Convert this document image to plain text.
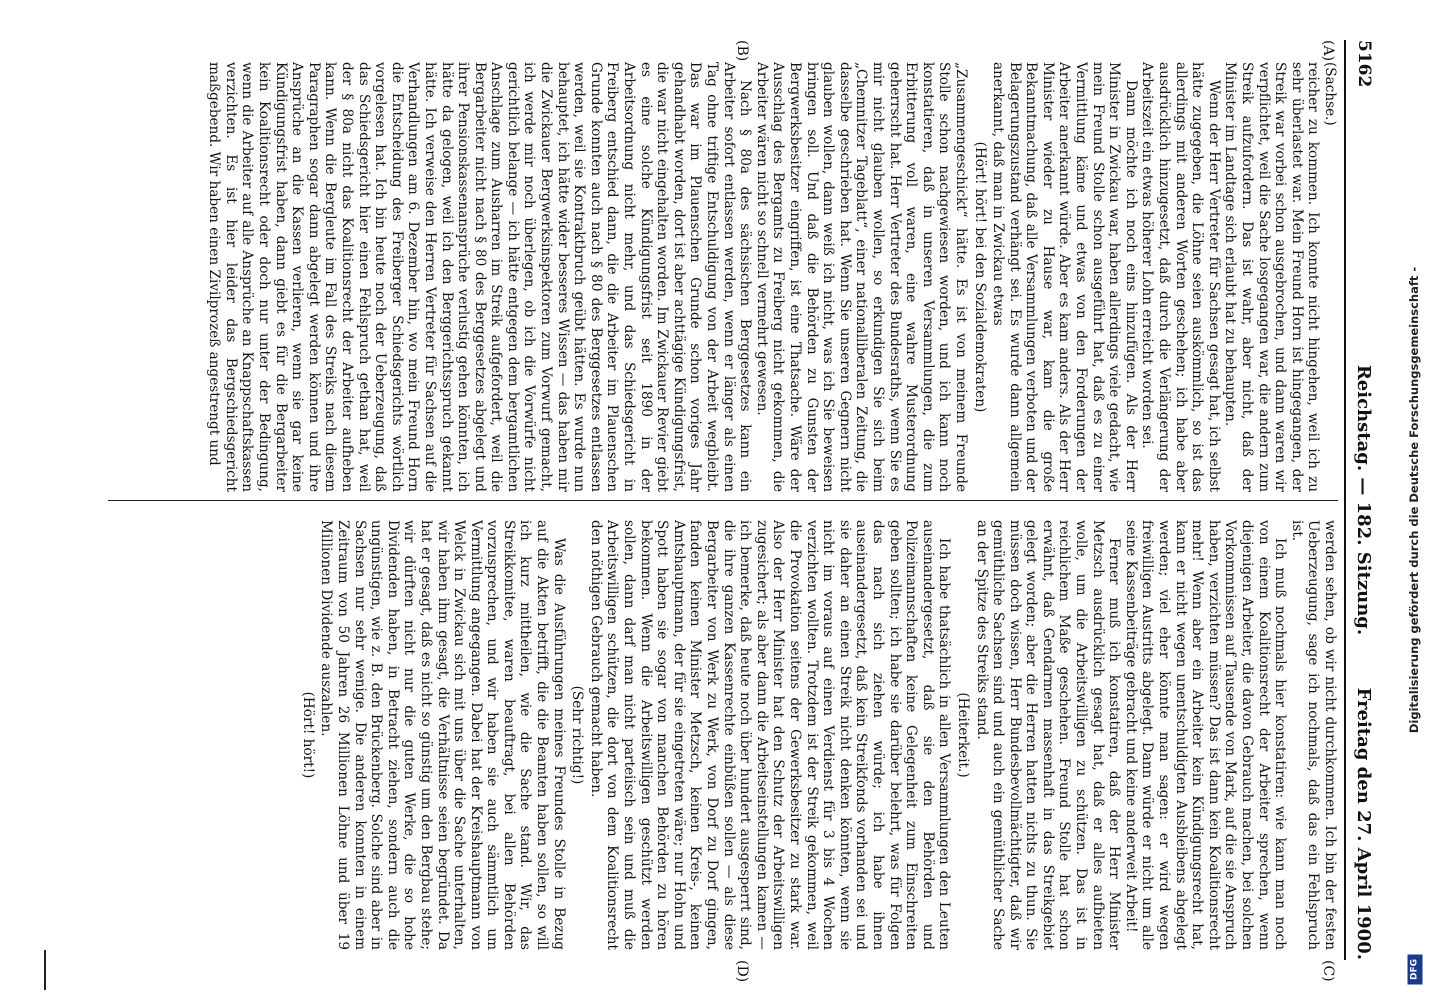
5162
Reichstag. — 182. Sitzung.
Freitag den 27. April 1900.
(A)
(B)
(C)
(D)

(Sachse.)

reicher zu kommen. Ich konnte nicht hingehen, weil ich zu sehr überlastet war. Mein Freund Horn ist hingegangen, der Streik war vorbei schon ausgebrochen, und dann waren wir verpflichtet, weil die Sache losgegangen war, die andern zum Streik aufzufordern. Das ist wahr, aber nicht, daß der Minister im Landtage sich erlaubt hat zu behaupten.

Wenn der Herr Vertreter für Sachsen gesagt hat, ich selbst hätte zugegeben, die Löhne seien auskömmlich, so ist das allerdings mit anderen Worten geschehen; ich habe aber ausdrücklich hinzugesetzt, daß durch die Verlängerung der Arbeitszeit ein etwas höherer Lohn erreicht worden sei.

Dann möchte ich noch eins hinzufügen. Als der Herr Minister in Zwickau war, haben allerdings viele gedacht, wie mein Freund Stolle schon ausgeführt hat, daß es zu einer Vermittlung käme und etwas von den Forderungen der Arbeiter anerkannt würde. Aber es kam anders. Als der Herr Minister wieder zu Hause war, kam die große Bekanntmachung, daß alle Versammlungen verboten und der Belagerungszustand verhängt sei. Es wurde dann allgemein anerkannt, daß man in Zwickau etwas

(Hört! hört! bei den Sozialdemokraten)

„Zusammengeschickt“ hätte. Es ist von meinem Freunde Stolle schon nachgewiesen worden, und ich kann noch konstatieren, daß in unseren Versammlungen, die zum Erbitterung voll waren, eine wahre Musterordnung geherrscht hat. Herr Vertreter des Bundesraths, wenn Sie es mir nicht glauben wollen, so erkundigen Sie sich beim „Chemnitzer Tageblatt“, einer nationalliberalen Zeitung, die dasselbe geschrieben hat. Wenn Sie unseren Gegnern nicht glauben wollen, dann weiß ich nicht, was ich Sie beweisen bringen soll. Und daß die Behörden zu Gunsten der Bergwerksbesitzer eingriffen, ist eine Thatsache. Wäre der Ausschlag des Bergamts zu Freiberg nicht gekommen, die Arbeiter wären nicht so schnell vermehrt gewesen.

Nach § 80a des sächsischen Berggesetzes kann ein Arbeiter sofort entlassen werden, wenn er länger als einen Tag ohne triftige Entschuldigung von der Arbeit wegbleibt. Das war im Plauenschen Grunde schon voriges Jahr gehandhabt worden, dort ist aber achttägige Kündigungsfrist, die war nicht eingehalten worden. Im Zwickauer Revier giebt es eine solche Kündigungsfrist seit 1890 in der Arbeitsordnung nicht mehr, und das Schiedsgericht in Freiberg entschied dann, die die Arbeiter im Plauenschen Grunde konnten auch nach § 80 des Berggesetzes entlassen werden, weil sie Kontraktbruch geübt hätten. Es wurde nun behauptet, ich hätte wider besseres Wissen — das haben mir die Zwickauer Bergwerksinspektoren zum Vorwurf gemacht, ich werde mir noch überlegen, ob ich die Vorwürfe nicht gerichtlich belange — ich hätte entgegen dem bergamtlichen Anschlage zum Ausharren im Streik aufgefordert, weil die Bergarbeiter nicht nach § 80 des Berggesetzes abgelegt und ihrer Pensionskassenansprüche verlustig gehen könnten, ich hätte da gelogen, weil ich den Berggerichtsspruch gekannt hätte. Ich verweise den Herren Vertreter für Sachsen auf die Verhandlungen am 6. Dezember hin, wo mein Freund Horn die Entscheidung des Freiberger Schiedsgerichts wörtlich vorgelesen hat. Ich bin heute noch der Ueberzeugung, daß das Schiedsgericht hier einen Fehlspruch gethan hat, weil der § 80a nicht das Koalitionsrecht der Arbeiter aufheben kann. Wenn die Bergleute im Fall des Streiks nach diesem Paragraphen sogar dann abgelegt werden können und ihre Ansprüche an die Kassen verlieren, wenn sie gar keine Kündigungsfrist haben, dann giebt es für die Bergarbeiter kein Koalitionsrecht oder doch nur unter der Bedingung, wenn die Arbeiter auf alle Ansprüche an Knappschaftskassen verzichten. Es ist hier leider das Bergschiedsgericht maßgebend. Wir haben einen Zivilprozeß angestrengt und

werden sehen, ob wir nicht durchkommen. Ich bin der festen Ueberzeugung, sage ich nochmals, daß das ein Fehlspruch ist.

Ich muß nochmals hier konstatiren: wie kann man noch von einem Koalitionsrecht der Arbeiter sprechen, wenn diejenigen Arbeiter, die davon Gebrauch machen, bei solchen Vorkommnissen auf Tausende von Mark, auf die sie Anspruch haben, verzichten müssen? Das ist dann kein Koalitionsrecht mehr! Wenn aber ein Arbeiter kein Kündigungsrecht hat, kann er nicht wegen unentschuldigten Ausbleibens abgelegt werden; viel eher könnte man sagen: er wird wegen freiwilligen Austritts abgelegt. Dann würde er nicht um alle seine Kassenbeiträge gebracht und keine anderweit Arbeit!

Ferner muß ich konstatiren, daß der Herr Minister Metzsch ausdrücklich gesagt hat, daß er alles aufbieten wolle, um die Arbeitswilligen zu schützen. Das ist in reichlichem Maße geschehen. Freund Stolle hat schon erwähnt, daß Gendarmen massenhaft in das Streikgebiet gelegt worden; aber die Herren hatten nichts zu thun. Sie müssen doch wissen, Herr Bundesbevollmächtigter, daß wir gemüthliche Sachsen sind und auch ein gemüthlicher Sache an der Spitze des Streiks stand.

(Heiterkeit.)

Ich habe thatsächlich in allen Versammlungen den Leuten auseinandergesetzt, daß sie den Behörden und Polizeimannschaften keine Gelegenheit zum Einschreiten geben sollten; ich habe sie darüber belehrt, was für Folgen das nach sich ziehen würde; ich habe ihnen auseinandergesetzt, daß kein Streikfonds vorhanden sei und sie daher an einen Streik nicht denken könnten, wenn sie nicht im voraus auf einen Verdienst für 3 bis 4 Wochen verzichten wollten. Trotzdem ist der Streik gekommen, weil die Provokation seitens der Gewerksbesitzer zu stark war. Also der Herr Minister hat den Schutz der Arbeitswilligen zugesichert; als aber dann die Arbeitseinstellungen kamen — ich bemerke, daß heute noch über hundert ausgesperrt sind, die ihre ganzen Kassenrechte einbüßen sollen — als diese Bergarbeiter von Werk zu Werk, von Dorf zu Dorf gingen, fanden keinen Minister Metzsch, keinen Kreis-, keinen Amtshauptmann, der für sie eingetreten wäre; nur Hohn und Spott haben sie sogar von manchen Behörden zu hören bekommen. Wenn die Arbeitswilligen geschützt werden sollen, dann darf man nicht parteiisch sein und muß die Arbeitswilligen schützen, die dort von dem Koalitionsrecht den nöthigen Gebrauch gemacht haben.

(Sehr richtig!)

Was die Ausführungen meines Freundes Stolle in Bezug auf die Akten betrifft, die die Beamten haben sollen, so will ich kurz mittheilen, wie die Sache stand. Wir, das Streikkomitee, waren beauftragt, bei allen Behörden vorzusprechen, und wir haben sie auch sämmtlich um Vermittlung angegangen. Dabei hat der Kreishauptmann von Welck in Zwickau sich mit uns über die Sache unterhalten, wir haben ihm gesagt, die Verhältnisse seien begründet. Da hat er gesagt, daß es nicht so günstig um den Bergbau stehe; wir dürften nicht nur die guten Werke, die so hohe Dividenden haben, in Betracht ziehen, sondern auch die ungünstigen, wie z. B. den Brückenberg. Solche sind aber in Sachsen nur sehr wenige. Die anderen konnten in einem Zeitraum von 50 Jahren 26 Millionen Löhne und über 19 Millionen Dividende auszahlen.

(Hört! hört!)

Digitalisierung gefördert durch die Deutsche Forschungsgemeinschaft -
DFG
